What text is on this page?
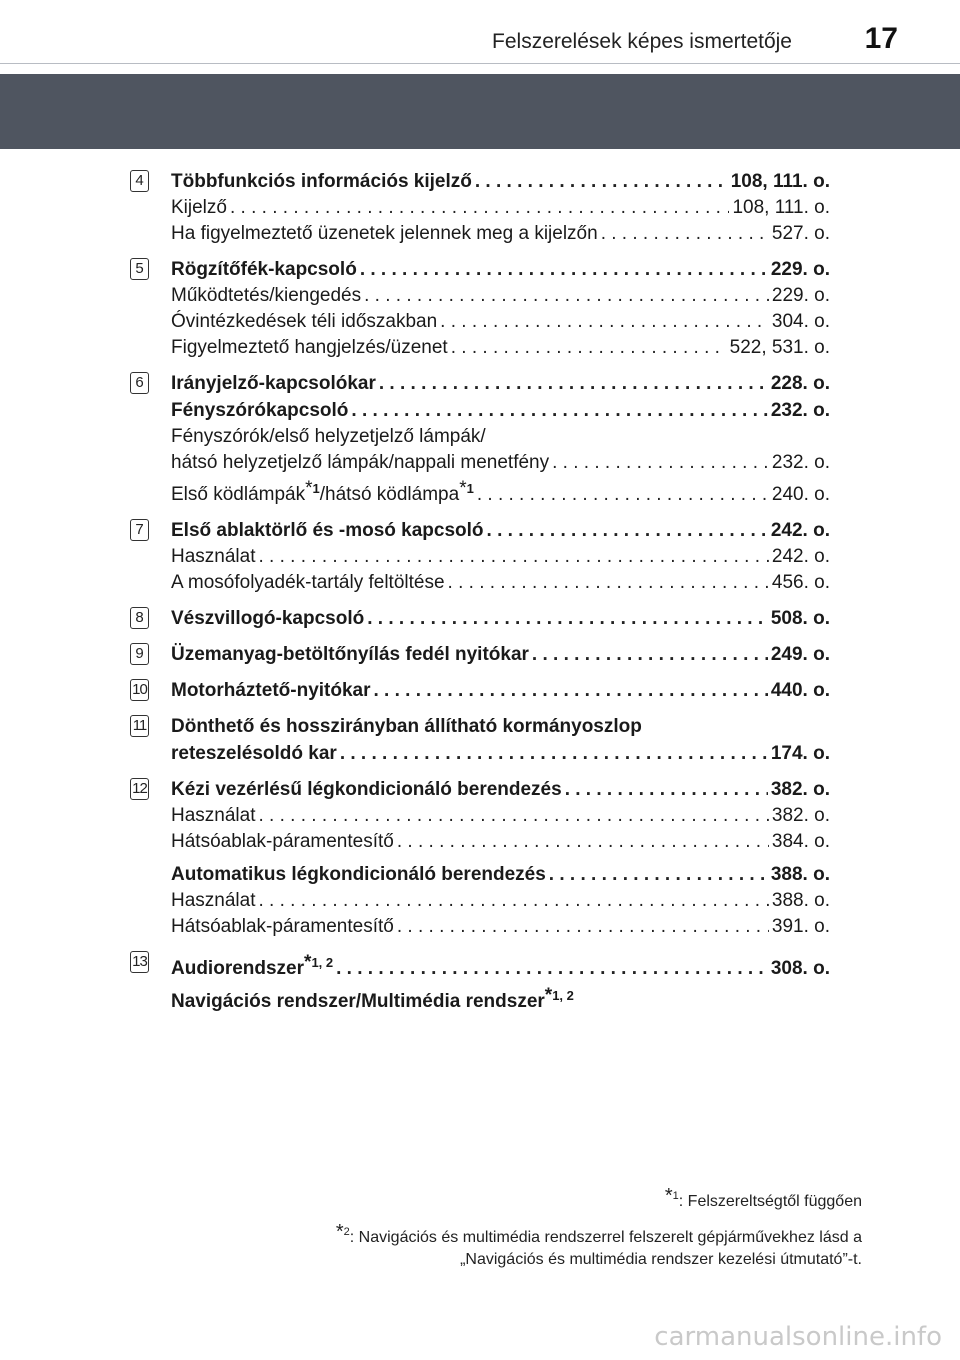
Felszerelések képes ismertetője 17
4 Többfunkciós információs kijelző . . .	108, 111. o.
Kijelző . . .	108, 111. o.
Ha figyelmeztető üzenetek jelennek meg a kijelzőn . . .	527. o.
5 Rögzítőfék-kapcsoló . . .	229. o.
Működtetés/kiengedés . . .	229. o.
Óvintézkedések téli időszakban . . .	304. o.
Figyelmeztető hangjelzés/üzenet . . .	522, 531. o.
6 Irányjelző-kapcsolókar . . .	228. o.
Fényszórókapcsoló . . .	232. o.
Fényszórók/első helyzetjelző lámpák/
hátsó helyzetjelző lámpák/nappali menetfény . . .	232. o.
Első ködlámpák*$^1$/hátsó ködlámpa*$^1$ . . .	240. o.
7 Első ablaktörlő és -mosó kapcsoló . . .	242. o.
Használat . . .	242. o.
A mosófolyadék-tartály feltöltése . . .	456. o.
8 Vészvillogó-kapcsoló . . .	508. o.
9 Üzemanyag-betöltőnyílás fedél nyitókar . . .	249. o.
10 Motorháztető-nyitókar . . .	440. o.
11 Dönthető és hosszirányban állítható kormányoszlop
reteszelésoldó kar . . .	174. o.
12 Kézi vezérlésű légkondicionáló berendezés . . .	382. o.
Használat . . .	382. o.
Hátsóablak-páramentesítő . . .	384. o.
Automatikus légkondicionáló berendezés . . .	388. o.
Használat . . .	388. o.
Hátsóablak-páramentesítő . . .	391. o.
13 Audiorendszer*$^{1, 2}$ . . .	308. o.
Navigációs rendszer/Multimédia rendszer*$^{1, 2}$
*$^1$: Felszereltségtől függően
*$^2$: Navigációs és multimédia rendszerrel felszerelt gépjárművekhez lásd a
„Navigációs és multimédia rendszer kezelési útmutató”-t.
carmanualsonline.info
